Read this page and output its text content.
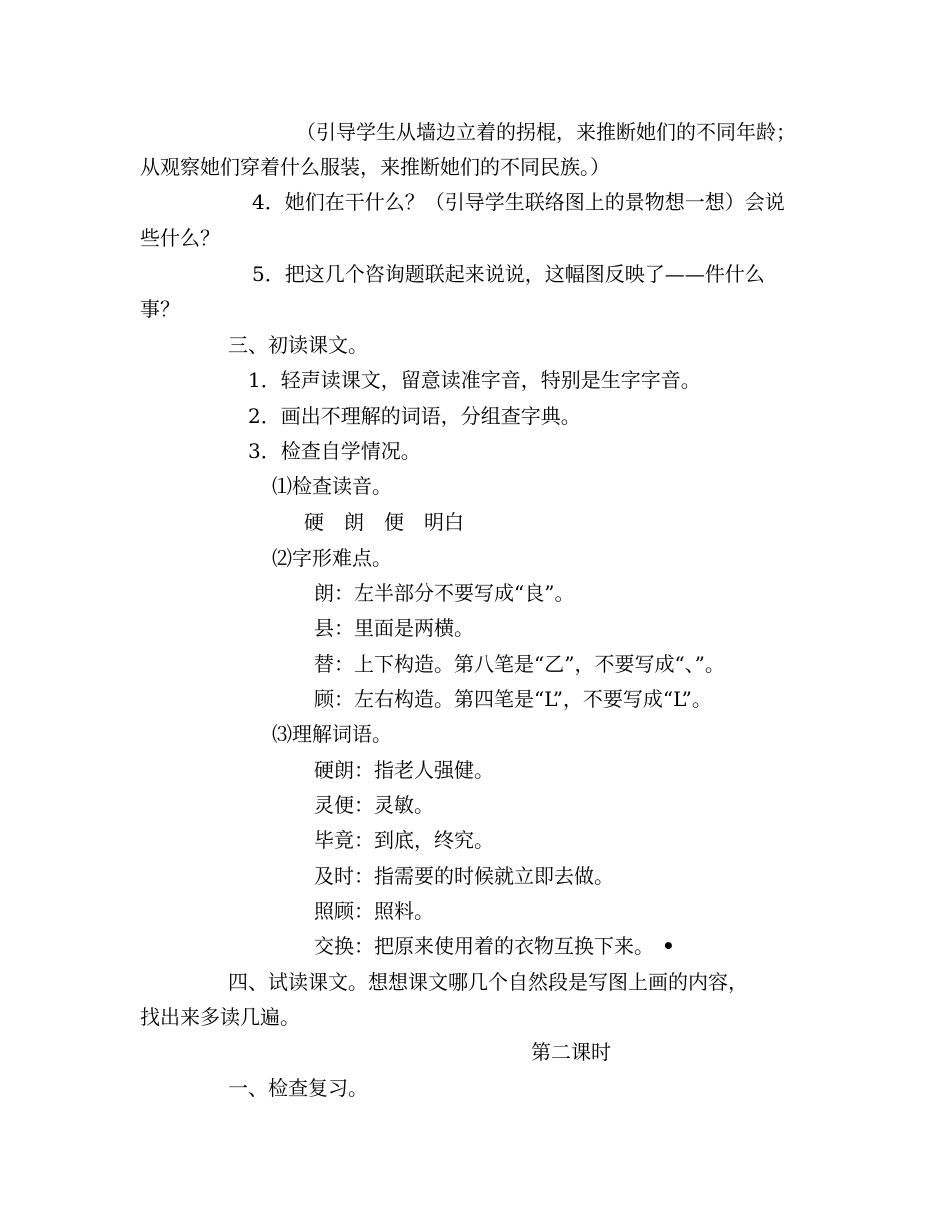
（引导学生从墙边立着的拐棍，来推断她们的不同年龄；
从观察她们穿着什么服装，来推断她们的不同民族。）
4．她们在干什么？（引导学生联络图上的景物想一想）会说
些什么？
5．把这几个咨询题联起来说说，这幅图反映了——件什么
事？
三、初读课文。
1．轻声读课文，留意读准字音，特别是生字字音。
2．画出不理解的词语，分组查字典。
3．检查自学情况。
⑴检查读音。
硬　朗　便　明白
⑵字形难点。
朗：左半部分不要写成“良”。
县：里面是两横。
替：上下构造。第八笔是“乙”，不要写成“、”。
顾：左右构造。第四笔是“L”，不要写成“L”。
⑶理解词语。
硬朗：指老人强健。
灵便：灵敏。
毕竟：到底，终究。
及时：指需要的时候就立即去做。
照顾：照料。
交换：把原来使用着的衣物互换下来。 •
四、试读课文。想想课文哪几个自然段是写图上画的内容，
找出来多读几遍。
第二课时
一、检查复习。
